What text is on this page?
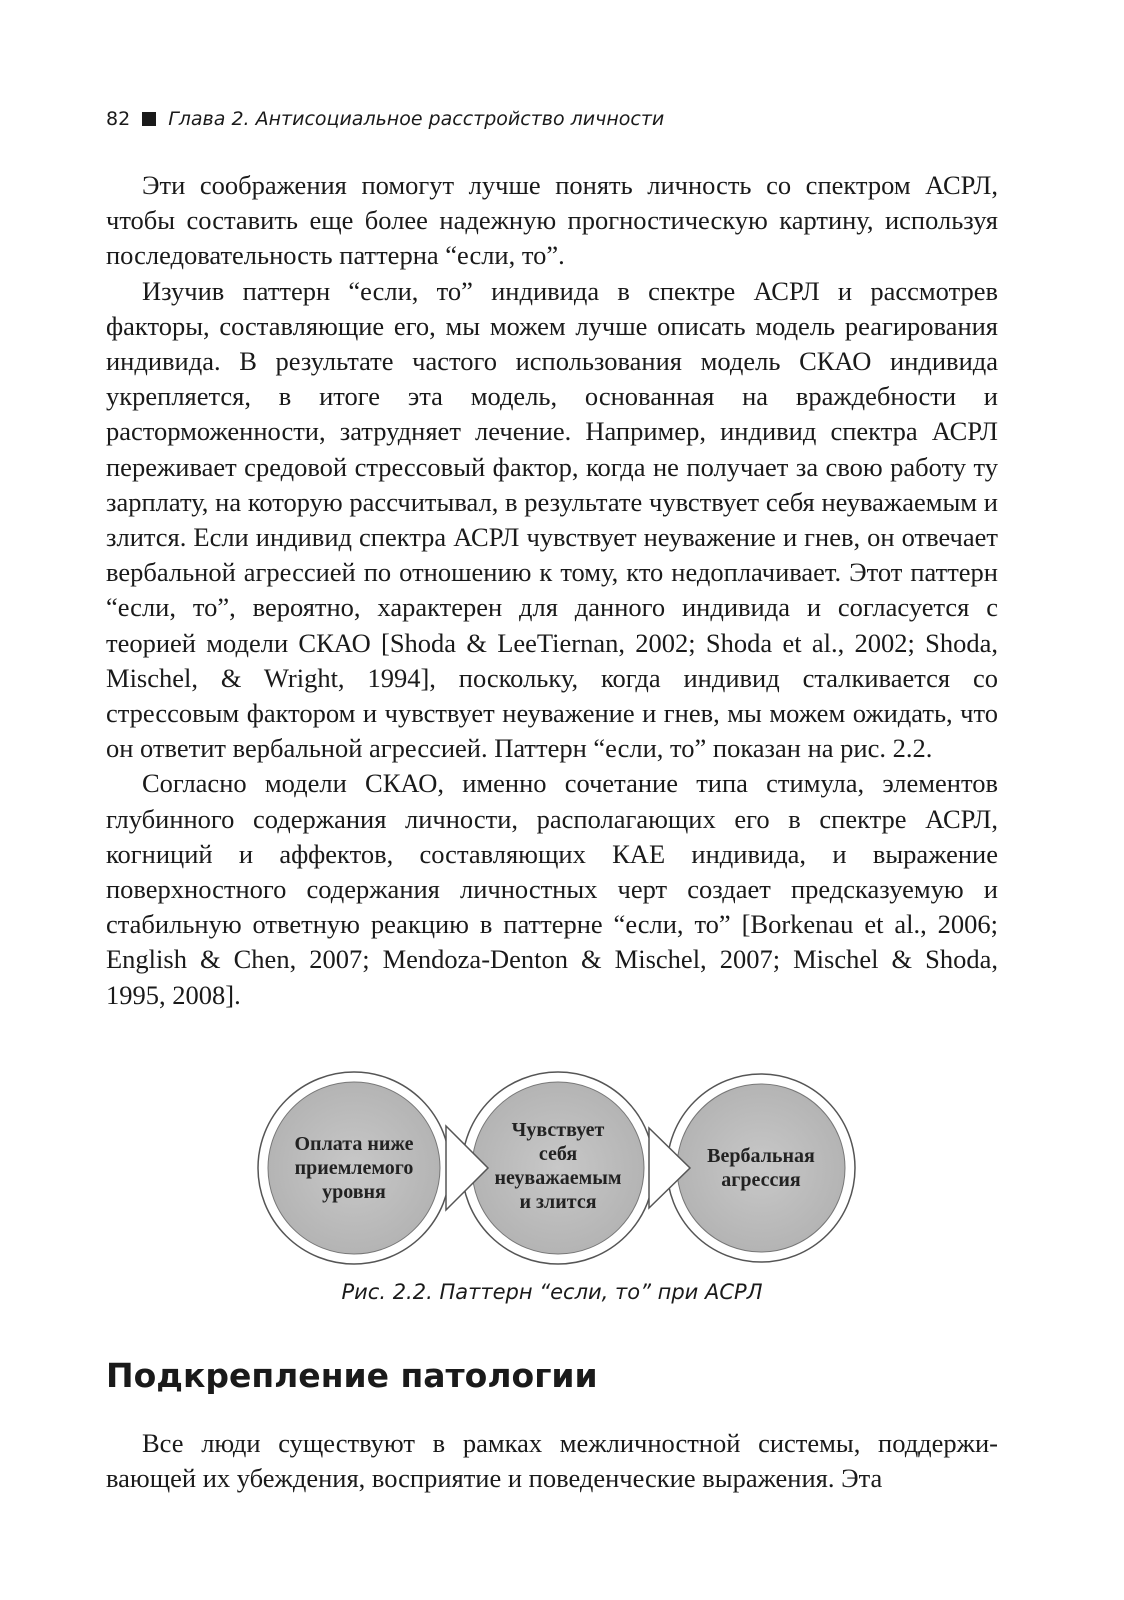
82 Глава 2. Антисоциальное расстройство личности

Эти соображения помогут лучше понять личность со спектром АСРЛ, чтобы составить еще более надежную прогностическую картину, используя последовательность паттерна “если, то”.

Изучив паттерн “если, то” индивида в спектре АСРЛ и рассмотрев факторы, составляющие его, мы можем лучше описать модель реагирования индивида. В результате частого использования модель СКАО индивида укрепляется, в итоге эта модель, основанная на враждебности и расторможенности, затрудняет лечение. Например, индивид спектра АСРЛ переживает средовой стрессовый фактор, когда не получает за свою работу ту зарплату, на которую рассчитывал, в результате чувствует себя неуважаемым и злится. Если индивид спектра АСРЛ чувствует неуважение и гнев, он отвечает вербальной агрессией по отношению к тому, кто недоплачивает. Этот паттерн “если, то”, вероятно, характерен для данного индивида и согласуется с теорией модели СКАО [Shoda & LeeTiernan, 2002; Shoda et al., 2002; Shoda, Mischel, & Wright, 1994], поскольку, когда индивид сталкивается со стрессовым фактором и чувствует неуважение и гнев, мы можем ожидать, что он ответит вербальной агрессией. Паттерн “если, то” показан на рис. 2.2.

Согласно модели СКАО, именно сочетание типа стимула, элементов глубинного содержания личности, располагающих его в спектре АСРЛ, когниций и аффектов, составляющих КАЕ индивида, и выражение поверхностного содержания личностных черт создает предсказуемую и стабильную ответную реакцию в паттерне “если, то” [Borkenau et al., 2006; English & Chen, 2007; Mendoza-Denton & Mischel, 2007; Mischel & Shoda, 1995, 2008].

Оплата ниже
приемлемого
уровня
Чувствует
себя
неуважаемым
и злится
Вербальная
агрессия
Рис. 2.2. Паттерн “если, то” при АСРЛ
Подкрепление патологии

Все люди существуют в рамках межличностной системы, поддерживающей их убеждения, восприятие и поведенческие выражения. Эта
